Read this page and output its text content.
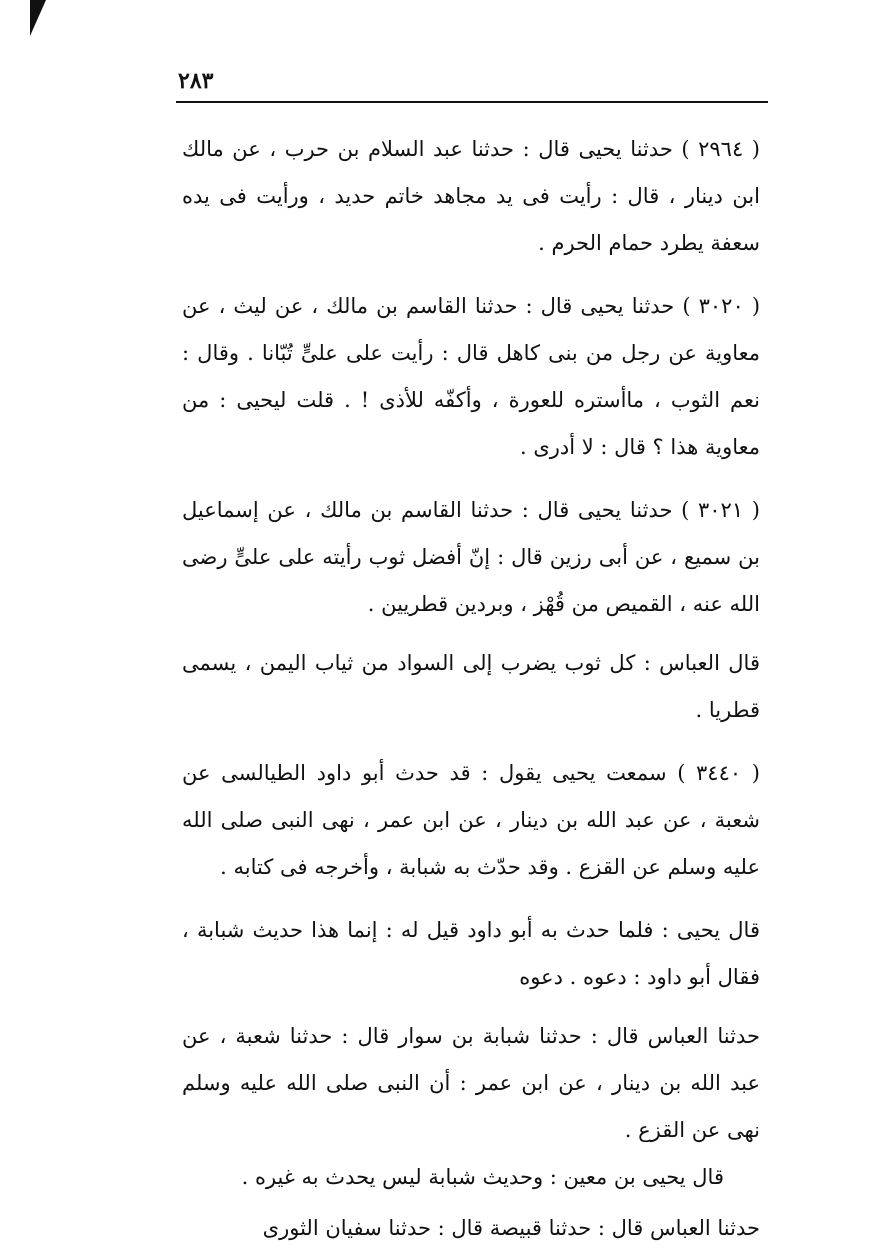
٢٨٣

( ٢٩٦٤ ) حدثنا يحيى قال : حدثنا عبد السلام بن حرب ، عن مالك ابن دينار ، قال : رأيت فى يد مجاهد خاتم حديد ، ورأيت فى يده سعفة يطرد حمام الحرم .

( ٣٠٢٠ ) حدثنا يحيى قال : حدثنا القاسم بن مالك ، عن ليث ، عن معاوية عن رجل من بنى كاهل قال : رأيت على علىٍّ تُبّانا . وقال : نعم الثوب ، ماأستره للعورة ، وأكفّه للأذى ! . قلت ليحيى : من معاوية هذا ؟ قال : لا أدرى .

( ٣٠٢١ ) حدثنا يحيى قال : حدثنا القاسم بن مالك ، عن إسماعيل بن سميع ، عن أبى رزين قال : إنّ أفضل ثوب رأيته على علىٍّ رضى الله عنه ، القميص من قُهْز ، وبردين قطريين .

قال العباس : كل ثوب يضرب إلى السواد من ثياب اليمن ، يسمى قطريا .

( ٣٤٤٠ ) سمعت يحيى يقول : قد حدث أبو داود الطيالسى عن شعبة ، عن عبد الله بن دينار ، عن ابن عمر ، نهى النبى صلى الله عليه وسلم عن القزع . وقد حدّث به شبابة ، وأخرجه فى كتابه .

قال يحيى : فلما حدث به أبو داود قيل له : إنما هذا حديث شبابة ، فقال أبو داود : دعوه . دعوه

حدثنا العباس قال : حدثنا شبابة بن سوار قال : حدثنا شعبة ، عن عبد الله بن دينار ، عن ابن عمر : أن النبى صلى الله عليه وسلم نهى عن القزع .

قال يحيى بن معين : وحديث شبابة ليس يحدث به غيره .

حدثنا العباس قال : حدثنا قبيصة قال : حدثنا سفيان الثورى
